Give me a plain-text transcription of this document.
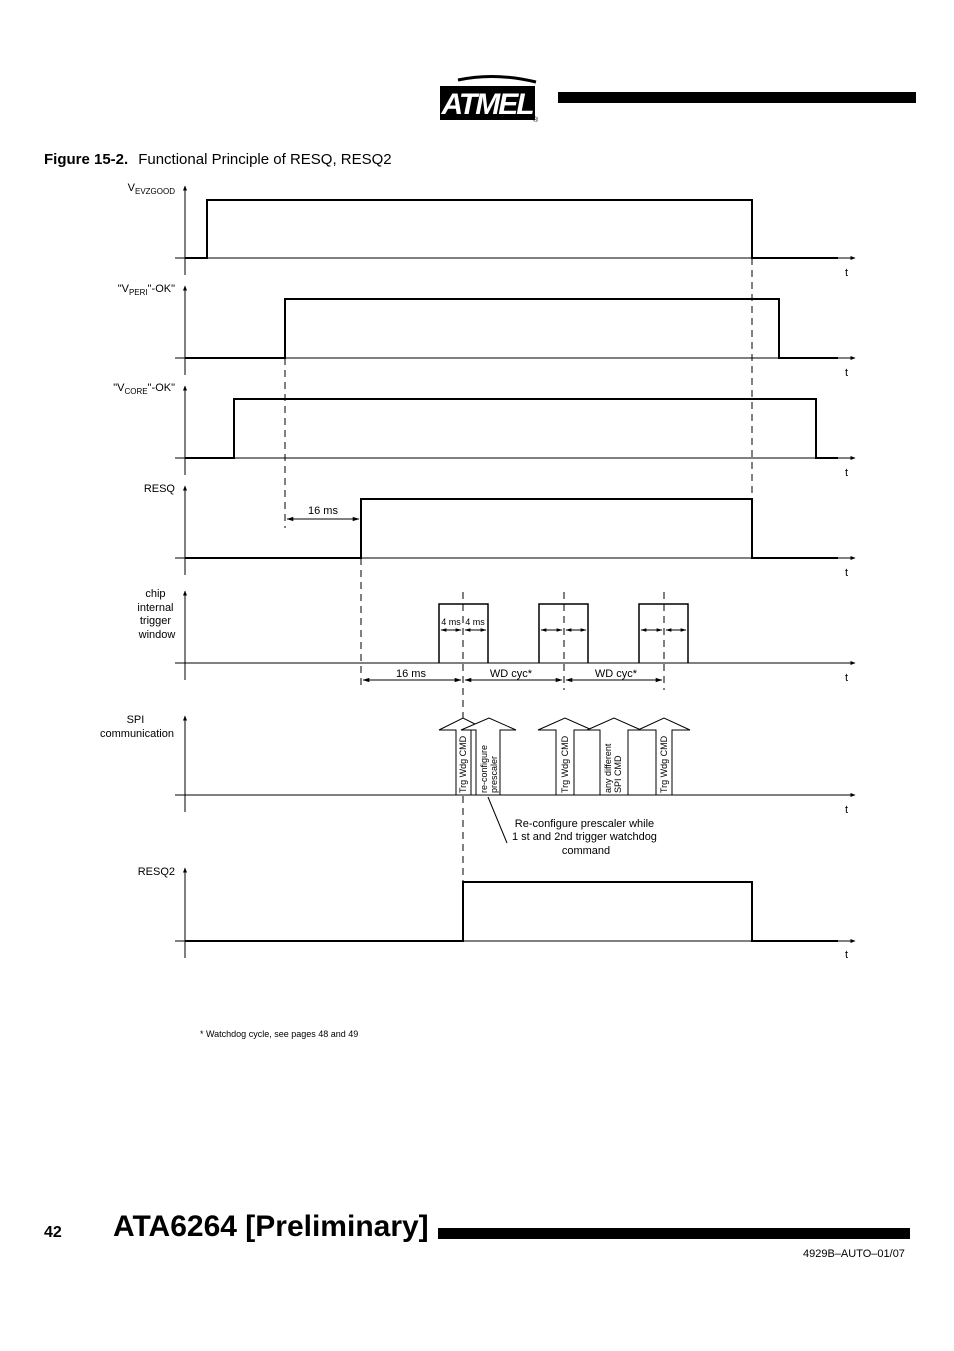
ATMEL ®
Figure 15-2. Functional Principle of RESQ, RESQ2
$V_{EVZGOOD}$
"$V_{PERI}"-OK$"
"$V_{CORE}"-OK$"
RESQ
chip internal trigger window
SPI communication
RESQ2
t
t
t
t
t
t
t
16 ms
16 ms	WD cyc*	WD cyc*
4 ms 4 ms
Trg Wdg CMD re-configure prescaler	Trg Wdg CMD	any different SPI CMD	Trg Wdg CMD
Re-configure prescaler while 1 st and 2nd trigger watchdog command
* Watchdog cycle, see pages 48 and 49
42 ATA6264 [Preliminary]
4929B–AUTO–01/07
